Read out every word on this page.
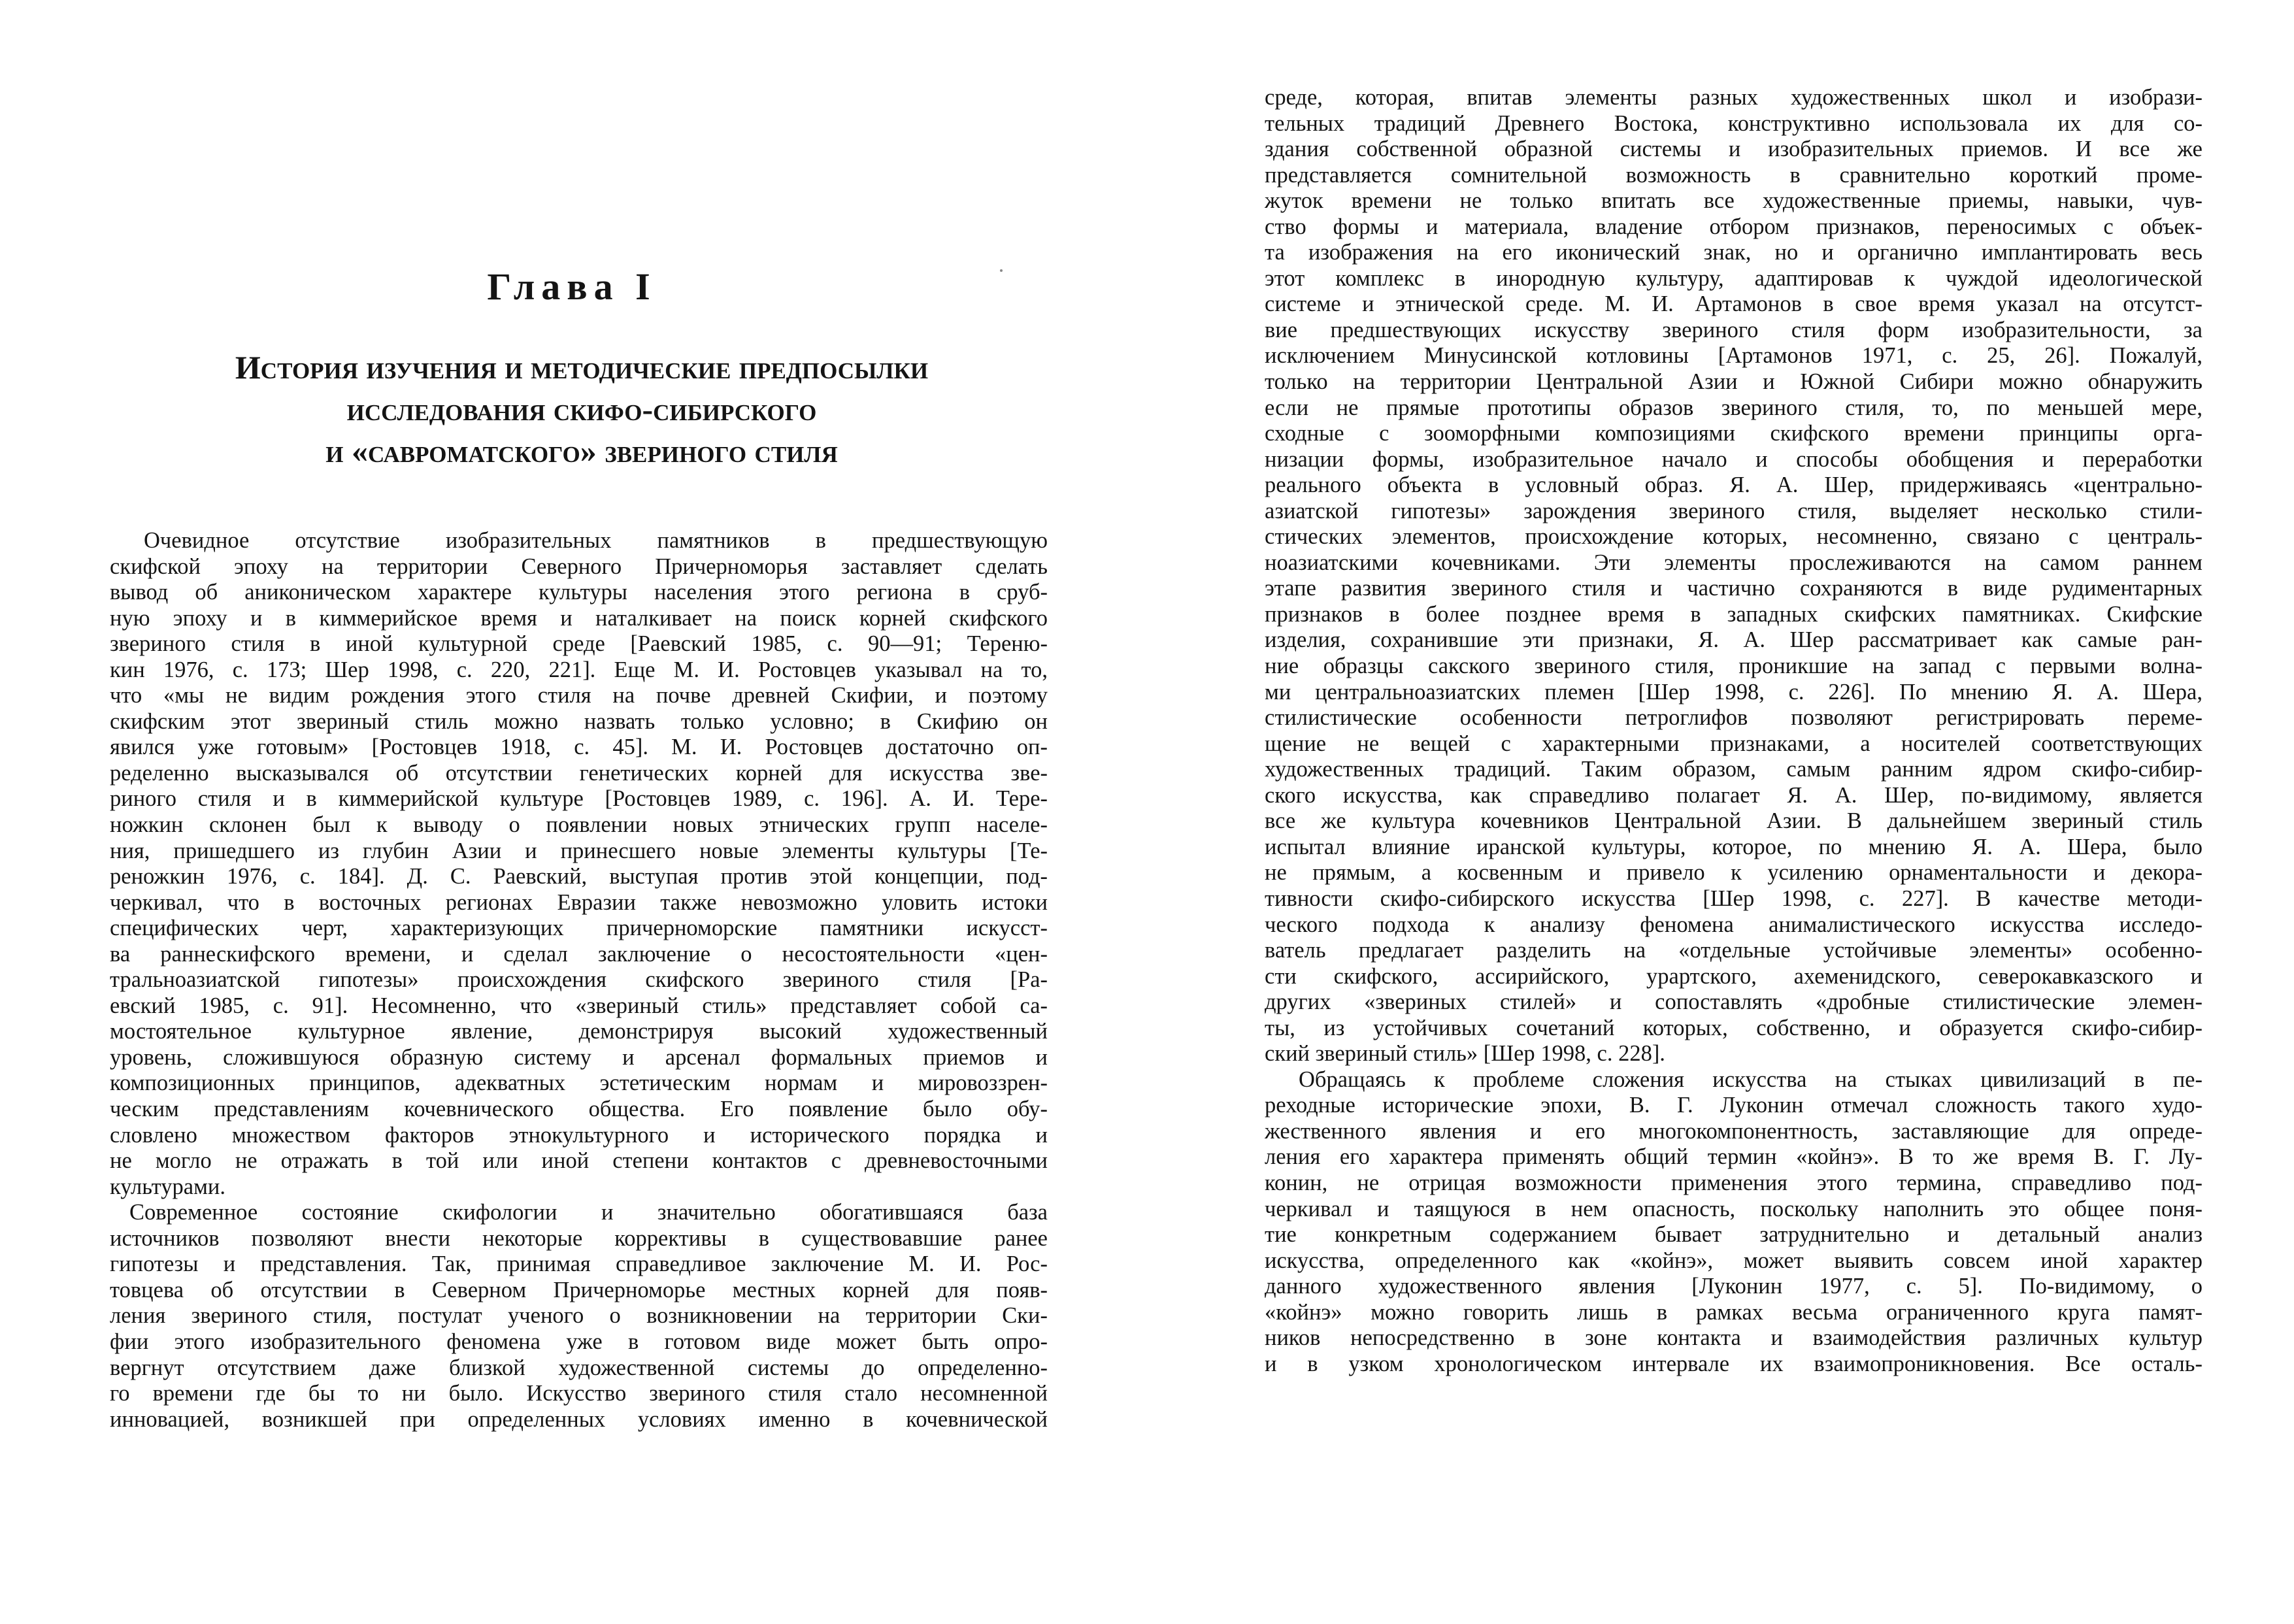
Глава I
История изучения и методические предпосылки
исследования скифо-сибирского
и «савроматского» звериного стиля
Очевидное отсутствие изобразительных памятников в предшествующую
скифской эпоху на территории Северного Причерноморья заставляет сделать
вывод об аниконическом характере культуры населения этого региона в сруб-
ную эпоху и в киммерийское время и наталкивает на поиск корней скифского
звериного стиля в иной культурной среде [Раевский 1985, с. 90—91; Тереню-
кин 1976, с. 173; Шер 1998, с. 220, 221]. Еще М. И. Ростовцев указывал на то,
что «мы не видим рождения этого стиля на почве древней Скифии, и поэтому
скифским этот звериный стиль можно назвать только условно; в Скифию он
явился уже готовым» [Ростовцев 1918, с. 45]. М. И. Ростовцев достаточно оп-
ределенно высказывался об отсутствии генетических корней для искусства зве-
риного стиля и в киммерийской культуре [Ростовцев 1989, с. 196]. А. И. Тере-
ножкин склонен был к выводу о появлении новых этнических групп населе-
ния, пришедшего из глубин Азии и принесшего новые элементы культуры [Те-
реножкин 1976, с. 184]. Д. С. Раевский, выступая против этой концепции, под-
черкивал, что в восточных регионах Евразии также невозможно уловить истоки
специфических черт, характеризующих причерноморские памятники искусст-
ва раннескифского времени, и сделал заключение о несостоятельности «цен-
тральноазиатской гипотезы» происхождения скифского звериного стиля [Ра-
евский 1985, с. 91]. Несомненно, что «звериный стиль» представляет собой са-
мостоятельное культурное явление, демонстрируя высокий художественный
уровень, сложившуюся образную систему и арсенал формальных приемов и
композиционных принципов, адекватных эстетическим нормам и мировоззрен-
ческим представлениям кочевнического общества. Его появление было обу-
словлено множеством факторов этнокультурного и исторического порядка и
не могло не отражать в той или иной степени контактов с древневосточными
культурами.
Современное состояние скифологии и значительно обогатившаяся база
источников позволяют внести некоторые коррективы в существовавшие ранее
гипотезы и представления. Так, принимая справедливое заключение М. И. Рос-
товцева об отсутствии в Северном Причерноморье местных корней для появ-
ления звериного стиля, постулат ученого о возникновении на территории Ски-
фии этого изобразительного феномена уже в готовом виде может быть опро-
вергнут отсутствием даже близкой художественной системы до определенно-
го времени где бы то ни было. Искусство звериного стиля стало несомненной
инновацией, возникшей при определенных условиях именно в кочевнической
среде, которая, впитав элементы разных художественных школ и изобрази-
тельных традиций Древнего Востока, конструктивно использовала их для со-
здания собственной образной системы и изобразительных приемов. И все же
представляется сомнительной возможность в сравнительно короткий проме-
жуток времени не только впитать все художественные приемы, навыки, чув-
ство формы и материала, владение отбором признаков, переносимых с объек-
та изображения на его иконический знак, но и органично имплантировать весь
этот комплекс в инородную культуру, адаптировав к чуждой идеологической
системе и этнической среде. М. И. Артамонов в свое время указал на отсутст-
вие предшествующих искусству звериного стиля форм изобразительности, за
исключением Минусинской котловины [Артамонов 1971, с. 25, 26]. Пожалуй,
только на территории Центральной Азии и Южной Сибири можно обнаружить
если не прямые прототипы образов звериного стиля, то, по меньшей мере,
сходные с зооморфными композициями скифского времени принципы орга-
низации формы, изобразительное начало и способы обобщения и переработки
реального объекта в условный образ. Я. А. Шер, придерживаясь «центрально-
азиатской гипотезы» зарождения звериного стиля, выделяет несколько стили-
стических элементов, происхождение которых, несомненно, связано с централь-
ноазиатскими кочевниками. Эти элементы прослеживаются на самом раннем
этапе развития звериного стиля и частично сохраняются в виде рудиментарных
признаков в более позднее время в западных скифских памятниках. Скифские
изделия, сохранившие эти признаки, Я. А. Шер рассматривает как самые ран-
ние образцы сакского звериного стиля, проникшие на запад с первыми волна-
ми центральноазиатских племен [Шер 1998, с. 226]. По мнению Я. А. Шера,
стилистические особенности петроглифов позволяют регистрировать переме-
щение не вещей с характерными признаками, а носителей соответствующих
художественных традиций. Таким образом, самым ранним ядром скифо-сибир-
ского искусства, как справедливо полагает Я. А. Шер, по-видимому, является
все же культура кочевников Центральной Азии. В дальнейшем звериный стиль
испытал влияние иранской культуры, которое, по мнению Я. А. Шера, было
не прямым, а косвенным и привело к усилению орнаментальности и декора-
тивности скифо-сибирского искусства [Шер 1998, с. 227]. В качестве методи-
ческого подхода к анализу феномена анималистического искусства исследо-
ватель предлагает разделить на «отдельные устойчивые элементы» особенно-
сти скифского, ассирийского, урартского, ахеменидского, северокавказского и
других «звериных стилей» и сопоставлять «дробные стилистические элемен-
ты, из устойчивых сочетаний которых, собственно, и образуется скифо-сибир-
ский звериный стиль» [Шер 1998, с. 228].
Обращаясь к проблеме сложения искусства на стыках цивилизаций в пе-
реходные исторические эпохи, В. Г. Луконин отмечал сложность такого худо-
жественного явления и его многокомпонентность, заставляющие для опреде-
ления его характера применять общий термин «койнэ». В то же время В. Г. Лу-
конин, не отрицая возможности применения этого термина, справедливо под-
черкивал и таящуюся в нем опасность, поскольку наполнить это общее поня-
тие конкретным содержанием бывает затруднительно и детальный анализ
искусства, определенного как «койнэ», может выявить совсем иной характер
данного художественного явления [Луконин 1977, с. 5]. По-видимому, о
«койнэ» можно говорить лишь в рамках весьма ограниченного круга памят-
ников непосредственно в зоне контакта и взаимодействия различных культур
и в узком хронологическом интервале их взаимопроникновения. Все осталь-
